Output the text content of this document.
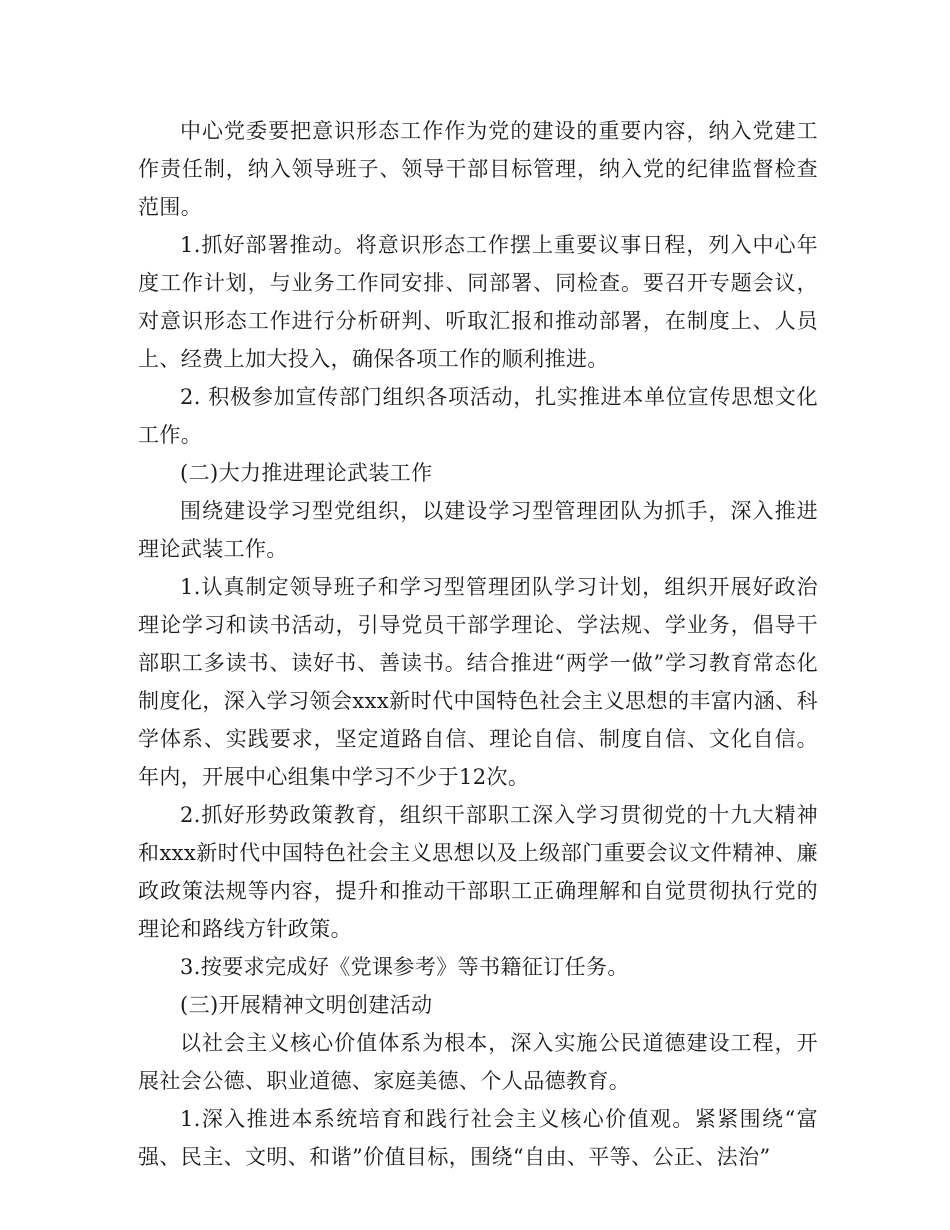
中心党委要把意识形态工作作为党的建设的重要内容，纳入党建工作责任制，纳入领导班子、领导干部目标管理，纳入党的纪律监督检查范围。

1.抓好部署推动。将意识形态工作摆上重要议事日程，列入中心年度工作计划，与业务工作同安排、同部署、同检查。要召开专题会议，对意识形态工作进行分析研判、听取汇报和推动部署，在制度上、人员上、经费上加大投入，确保各项工作的顺利推进。

2. 积极参加宣传部门组织各项活动，扎实推进本单位宣传思想文化工作。

(二)大力推进理论武装工作

围绕建设学习型党组织，以建设学习型管理团队为抓手，深入推进理论武装工作。

1.认真制定领导班子和学习型管理团队学习计划，组织开展好政治理论学习和读书活动，引导党员干部学理论、学法规、学业务，倡导干部职工多读书、读好书、善读书。结合推进“两学一做”学习教育常态化制度化，深入学习领会xxx新时代中国特色社会主义思想的丰富内涵、科学体系、实践要求，坚定道路自信、理论自信、制度自信、文化自信。年内，开展中心组集中学习不少于12次。

2.抓好形势政策教育，组织干部职工深入学习贯彻党的十九大精神和xxx新时代中国特色社会主义思想以及上级部门重要会议文件精神、廉政政策法规等内容，提升和推动干部职工正确理解和自觉贯彻执行党的理论和路线方针政策。

3.按要求完成好《党课参考》等书籍征订任务。

(三)开展精神文明创建活动

以社会主义核心价值体系为根本，深入实施公民道德建设工程，开展社会公德、职业道德、家庭美德、个人品德教育。

1.深入推进本系统培育和践行社会主义核心价值观。紧紧围绕“富强、民主、文明、和谐”价值目标，围绕“自由、平等、公正、法治”
